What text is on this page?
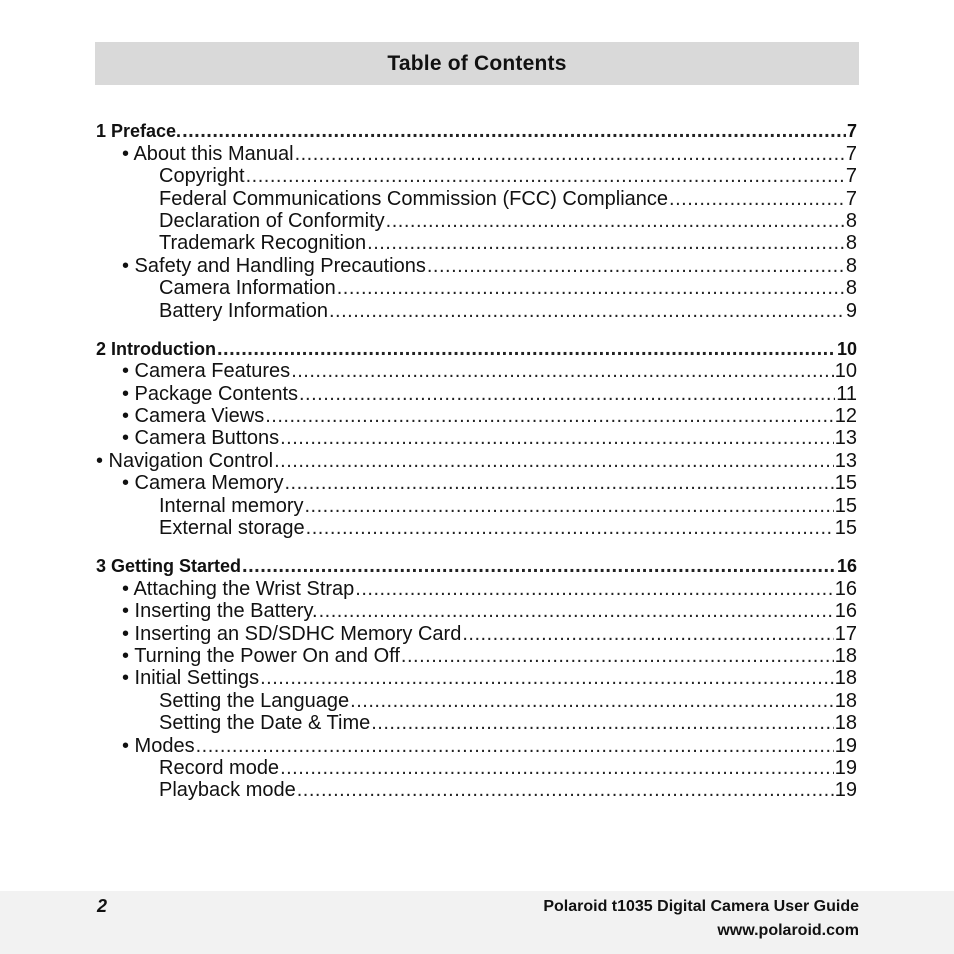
Table of Contents
1 Preface. .....	7
• About this Manual .....	7
Copyright .....	7
Federal Communications Commission (FCC) Compliance .....	7
Declaration of Conformity .....	8
Trademark Recognition .....	8
• Safety and Handling Precautions .....	8
Camera Information .....	8
Battery Information .....	9
2 Introduction .....	10
• Camera Features .....	10
• Package Contents .....	11
• Camera Views .....	12
• Camera Buttons .....	13
• Navigation Control .....	13
• Camera Memory .....	15
Internal memory .....	15
External storage .....	15
3 Getting Started .....	16
• Attaching the Wrist Strap .....	16
• Inserting the Battery. .....	16
• Inserting an SD/SDHC Memory Card .....	17
• Turning the Power On and Off .....	18
• Initial Settings .....	18
Setting the Language .....	18
Setting the Date & Time .....	18
• Modes .....	19
Record mode .....	19
Playback mode .....	19
2	Polaroid t1035 Digital Camera User Guide
www.polaroid.com
